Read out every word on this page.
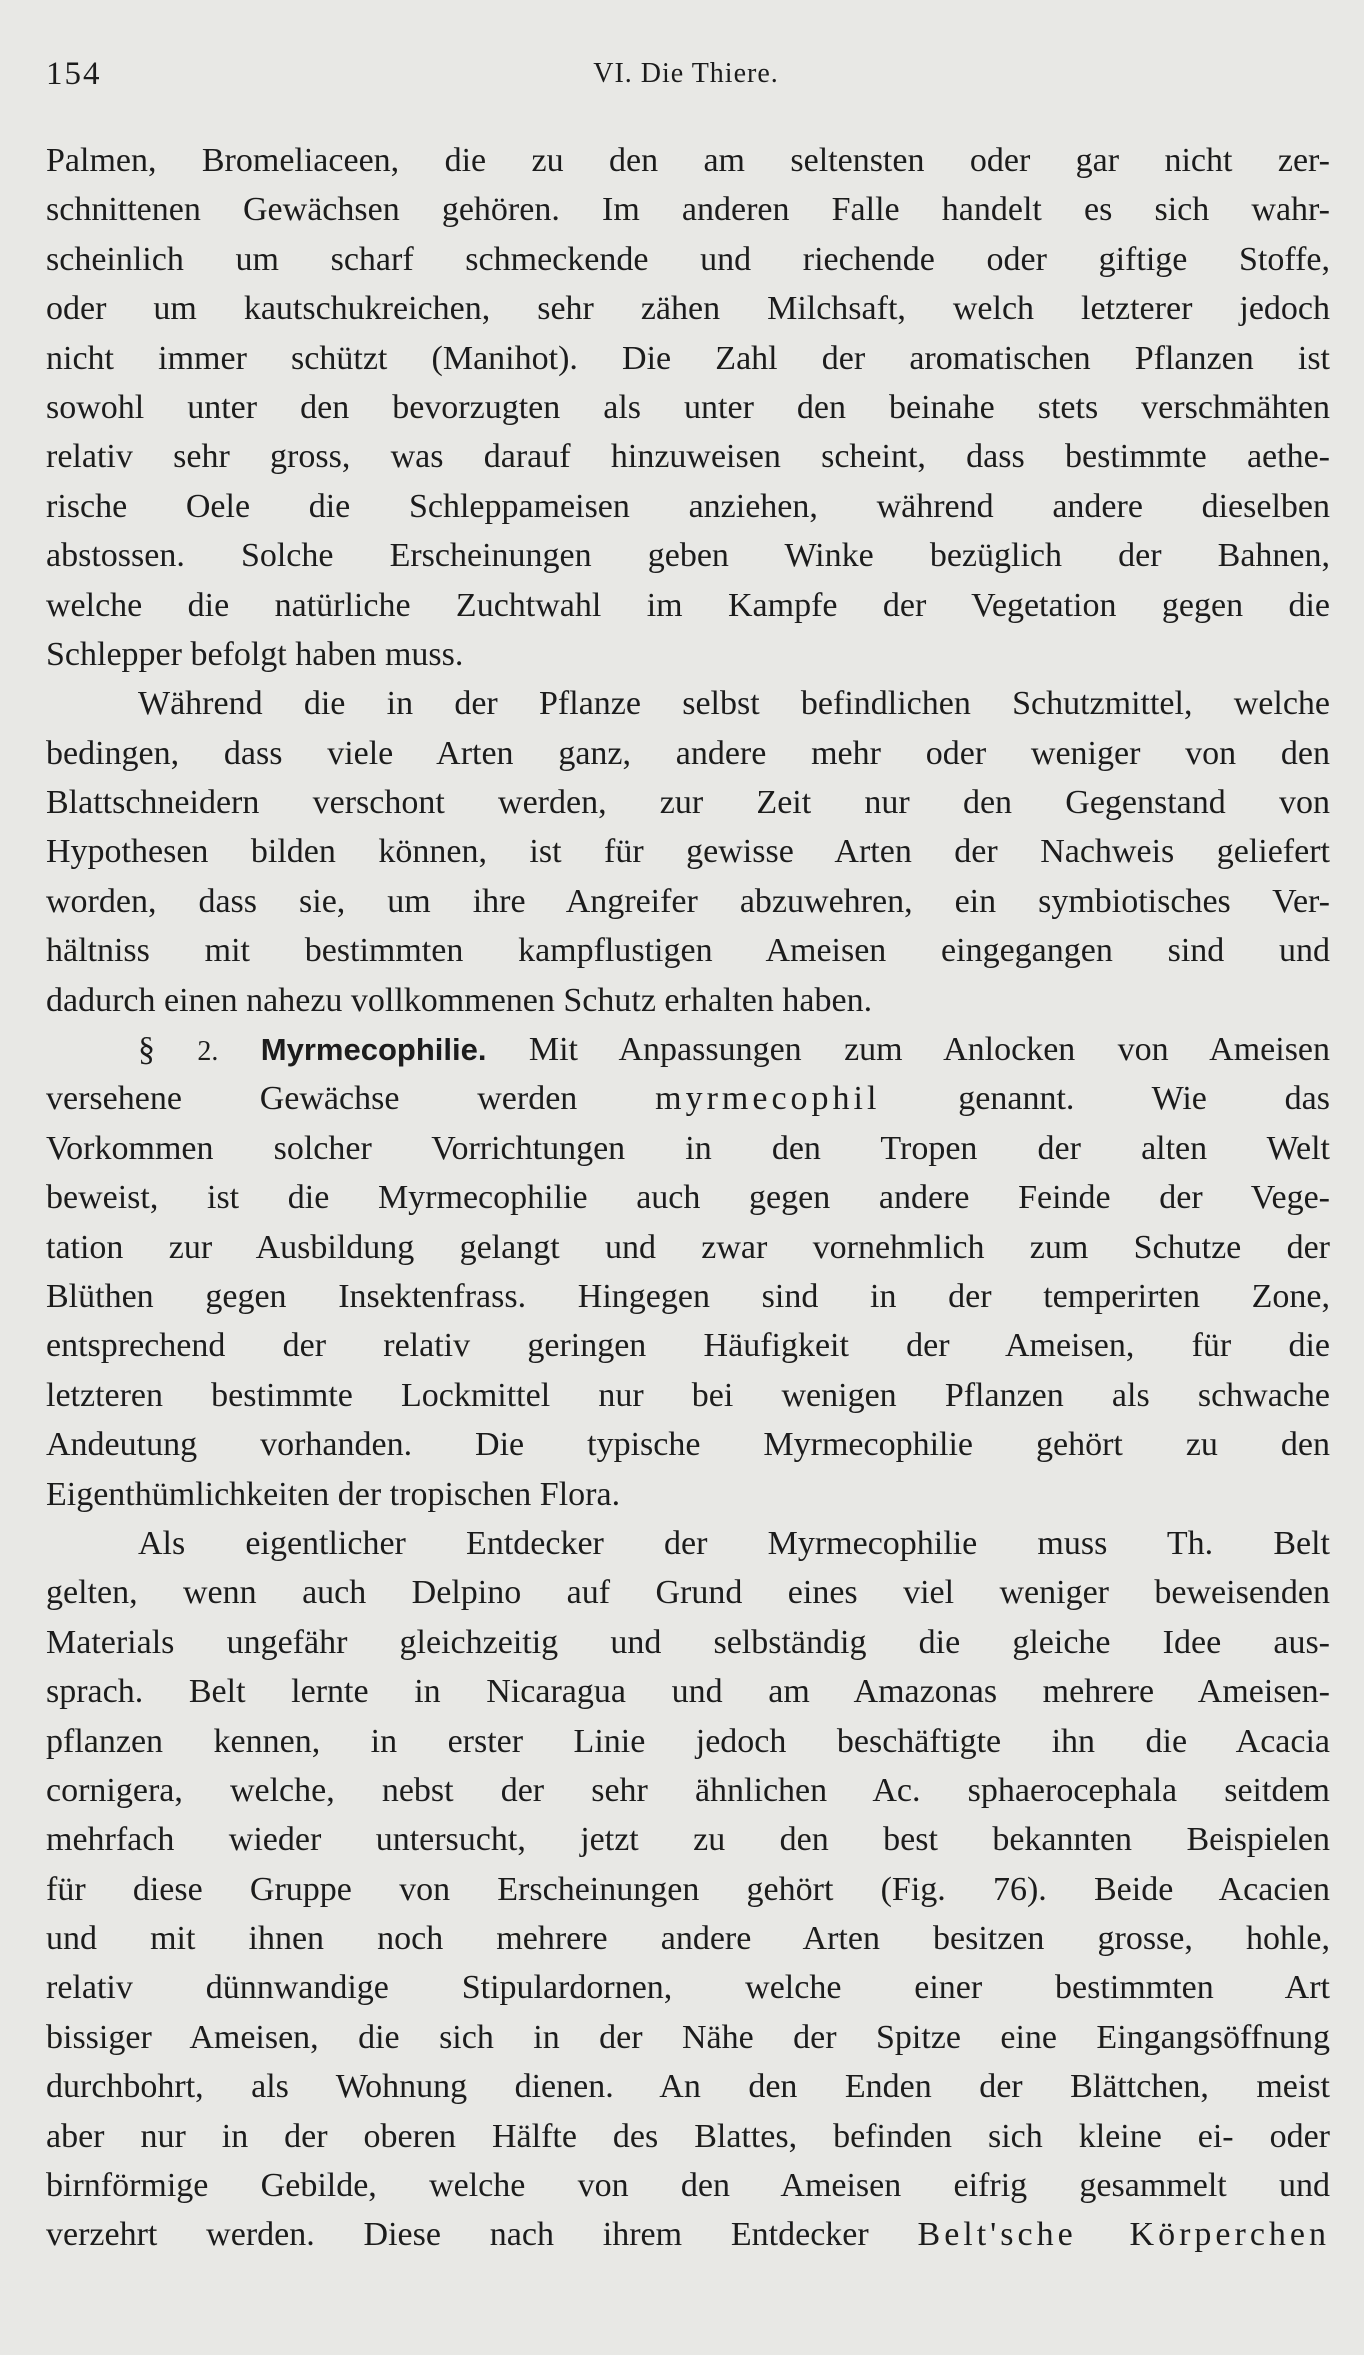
154	VI. Die Thiere.
Palmen, Bromeliaceen, die zu den am seltensten oder gar nicht zer-
schnittenen Gewächsen gehören. Im anderen Falle handelt es sich wahr-
scheinlich um scharf schmeckende und riechende oder giftige Stoffe,
oder um kautschukreichen, sehr zähen Milchsaft, welch letzterer jedoch
nicht immer schützt (Manihot). Die Zahl der aromatischen Pflanzen ist
sowohl unter den bevorzugten als unter den beinahe stets verschmähten
relativ sehr gross, was darauf hinzuweisen scheint, dass bestimmte aethe-
rische Oele die Schleppameisen anziehen, während andere dieselben
abstossen. Solche Erscheinungen geben Winke bezüglich der Bahnen,
welche die natürliche Zuchtwahl im Kampfe der Vegetation gegen die
Schlepper befolgt haben muss.
Während die in der Pflanze selbst befindlichen Schutzmittel, welche
bedingen, dass viele Arten ganz, andere mehr oder weniger von den
Blattschneidern verschont werden, zur Zeit nur den Gegenstand von
Hypothesen bilden können, ist für gewisse Arten der Nachweis geliefert
worden, dass sie, um ihre Angreifer abzuwehren, ein symbiotisches Ver-
hältniss mit bestimmten kampflustigen Ameisen eingegangen sind und
dadurch einen nahezu vollkommenen Schutz erhalten haben.
§ 2. Myrmecophilie. Mit Anpassungen zum Anlocken von Ameisen
versehene Gewächse werden myrmecophil genannt. Wie das
Vorkommen solcher Vorrichtungen in den Tropen der alten Welt
beweist, ist die Myrmecophilie auch gegen andere Feinde der Vege-
tation zur Ausbildung gelangt und zwar vornehmlich zum Schutze der
Blüthen gegen Insektenfrass. Hingegen sind in der temperirten Zone,
entsprechend der relativ geringen Häufigkeit der Ameisen, für die
letzteren bestimmte Lockmittel nur bei wenigen Pflanzen als schwache
Andeutung vorhanden. Die typische Myrmecophilie gehört zu den
Eigenthümlichkeiten der tropischen Flora.
Als eigentlicher Entdecker der Myrmecophilie muss Th. Belt
gelten, wenn auch Delpino auf Grund eines viel weniger beweisenden
Materials ungefähr gleichzeitig und selbständig die gleiche Idee aus-
sprach. Belt lernte in Nicaragua und am Amazonas mehrere Ameisen-
pflanzen kennen, in erster Linie jedoch beschäftigte ihn die Acacia
cornigera, welche, nebst der sehr ähnlichen Ac. sphaerocephala seitdem
mehrfach wieder untersucht, jetzt zu den best bekannten Beispielen
für diese Gruppe von Erscheinungen gehört (Fig. 76). Beide Acacien
und mit ihnen noch mehrere andere Arten besitzen grosse, hohle,
relativ dünnwandige Stipulardornen, welche einer bestimmten Art
bissiger Ameisen, die sich in der Nähe der Spitze eine Eingangsöffnung
durchbohrt, als Wohnung dienen. An den Enden der Blättchen, meist
aber nur in der oberen Hälfte des Blattes, befinden sich kleine ei- oder
birnförmige Gebilde, welche von den Ameisen eifrig gesammelt und
verzehrt werden. Diese nach ihrem Entdecker Belt'sche Körperchen
